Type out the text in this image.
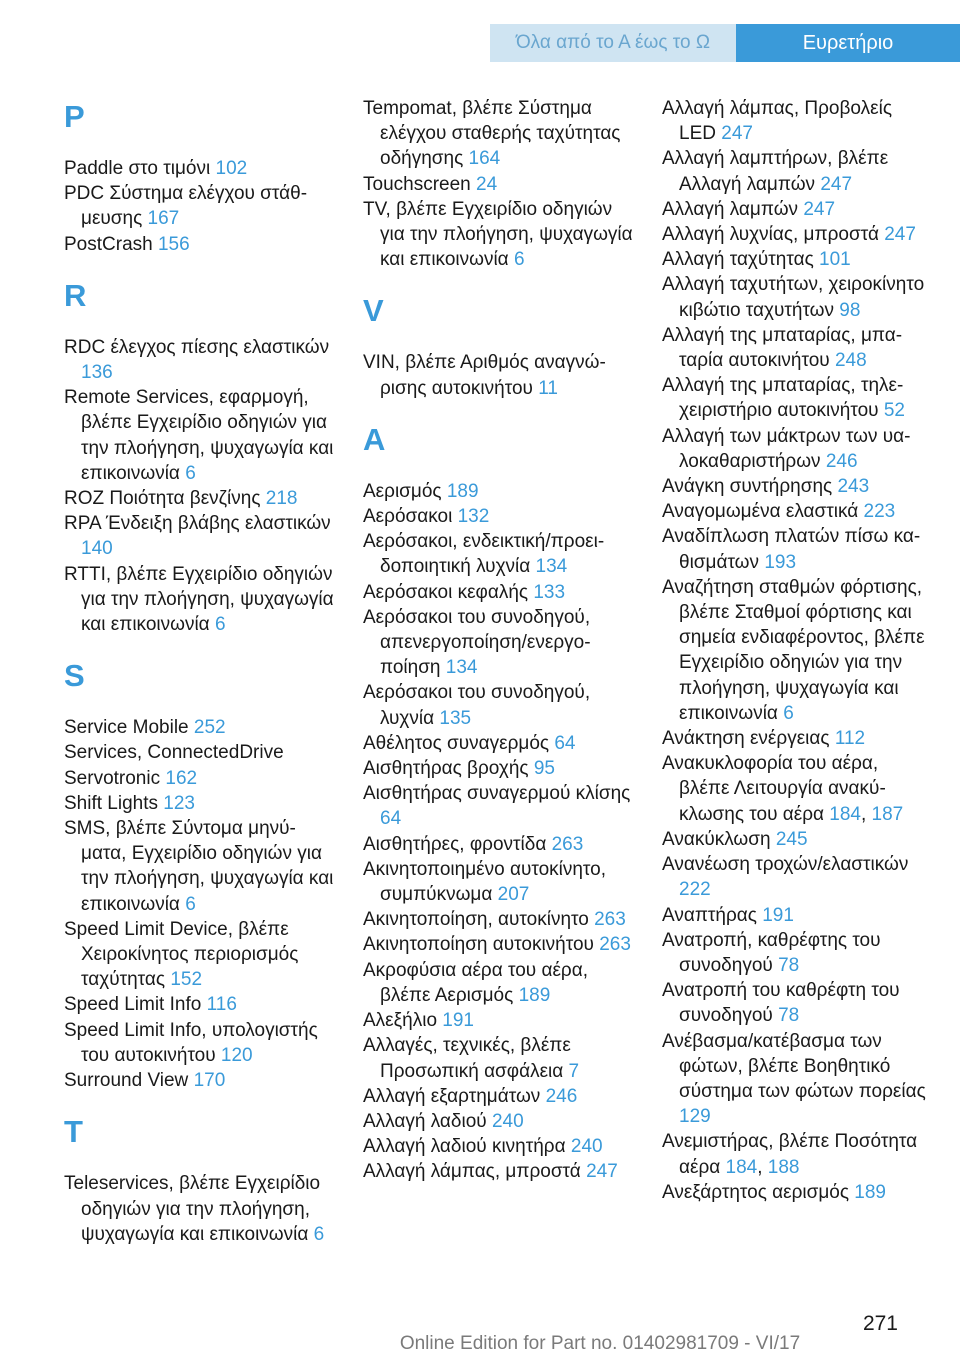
Όλα από το Α έως το Ω	Ευρετήριο
P
Paddle στο τιμόνι 102
PDC Σύστημα ελέγχου στάθμευσης 167
PostCrash 156
R
RDC έλεγχος πίεσης ελαστικών 136
Remote Services, εφαρμογή, βλέπε Εγχειρίδιο οδηγιών για την πλοήγηση, ψυχαγωγία και επικοινωνία 6
ROZ Ποιότητα βενζίνης 218
RPA Ένδειξη βλάβης ελαστικών 140
RTTI, βλέπε Εγχειρίδιο οδηγιών για την πλοήγηση, ψυχαγωγία και επικοινωνία 6
S
Service Mobile 252
Services, ConnectedDrive
Servotronic 162
Shift Lights 123
SMS, βλέπε Σύντομα μηνύματα, Εγχειρίδιο οδηγιών για την πλοήγηση, ψυχαγωγία και επικοινωνία 6
Speed Limit Device, βλέπε Χειροκίνητος περιορισμός ταχύτητας 152
Speed Limit Info 116
Speed Limit Info, υπολογιστής του αυτοκινήτου 120
Surround View 170
T
Teleservices, βλέπε Εγχειρίδιο οδηγιών για την πλοήγηση, ψυχαγωγία και επικοινωνία 6
Tempomat, βλέπε Σύστημα ελέγχου σταθερής ταχύτητας οδήγησης 164
Touchscreen 24
TV, βλέπε Εγχειρίδιο οδηγιών για την πλοήγηση, ψυχαγωγία και επικοινωνία 6
V
VIN, βλέπε Αριθμός αναγνώρισης αυτοκινήτου 11
A
Αερισμός 189
Αερόσακοι 132
Αερόσακοι, ενδεικτική/προειδοποιητική λυχνία 134
Αερόσακοι κεφαλής 133
Αερόσακοι του συνοδηγού, απενεργοποίηση/ενεργοποίηση 134
Αερόσακοι του συνοδηγού, λυχνία 135
Αθέλητος συναγερμός 64
Αισθητήρας βροχής 95
Αισθητήρας συναγερμού κλίσης 64
Αισθητήρες, φροντίδα 263
Ακινητοποιημένο αυτοκίνητο, συμπύκνωμα 207
Ακινητοποίηση, αυτοκίνητο 263
Ακινητοποίηση αυτοκινήτου 263
Ακροφύσια αέρα του αέρα, βλέπε Αερισμός 189
Αλεξήλιο 191
Αλλαγές, τεχνικές, βλέπε Προσωπική ασφάλεια 7
Αλλαγή εξαρτημάτων 246
Αλλαγή λαδιού 240
Αλλαγή λαδιού κινητήρα 240
Αλλαγή λάμπας, μπροστά 247
Αλλαγή λάμπας, Προβολείς LED 247
Αλλαγή λαμπτήρων, βλέπε Αλλαγή λαμπών 247
Αλλαγή λαμπών 247
Αλλαγή λυχνίας, μπροστά 247
Αλλαγή ταχύτητας 101
Αλλαγή ταχυτήτων, χειροκίνητο κιβώτιο ταχυτήτων 98
Αλλαγή της μπαταρίας, μπαταρία αυτοκινήτου 248
Αλλαγή της μπαταρίας, τηλεχειριστήριο αυτοκινήτου 52
Αλλαγή των μάκτρων των υαλοκαθαριστήρων 246
Ανάγκη συντήρησης 243
Αναγομωμένα ελαστικά 223
Αναδίπλωση πλατών πίσω καθισμάτων 193
Αναζήτηση σταθμών φόρτισης, βλέπε Σταθμοί φόρτισης και σημεία ενδιαφέροντος, βλέπε Εγχειρίδιο οδηγιών για την πλοήγηση, ψυχαγωγία και επικοινωνία 6
Ανάκτηση ενέργειας 112
Ανακυκλοφορία του αέρα, βλέπε Λειτουργία ανακύκλωσης του αέρα 184, 187
Ανακύκλωση 245
Ανανέωση τροχών/ελαστικών 222
Αναπτήρας 191
Ανατροπή, καθρέφτης του συνοδηγού 78
Ανατροπή του καθρέφτη του συνοδηγού 78
Ανέβασμα/κατέβασμα των φώτων, βλέπε Βοηθητικό σύστημα των φώτων πορείας 129
Ανεμιστήρας, βλέπε Ποσότητα αέρα 184, 188
Ανεξάρτητος αερισμός 189
271
Online Edition for Part no. 01402981709 - VI/17
